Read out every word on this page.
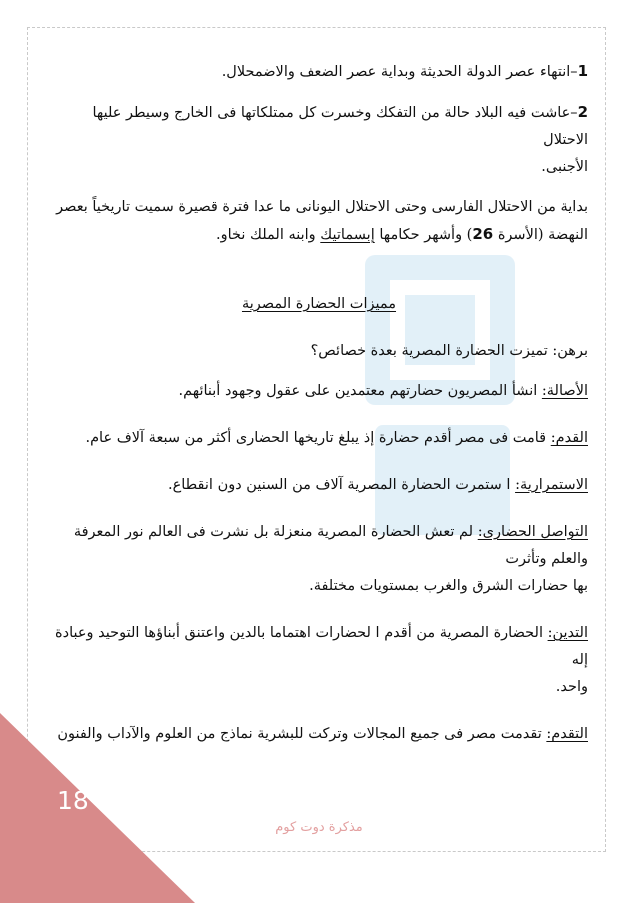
1–انتهاء عصر الدولة الحديثة وبداية عصر الضعف والاضمحلال.

2–عاشت فيه البلاد حالة من التفكك وخسرت كل ممتلكاتها فى الخارج وسيطر عليها الاحتلال

الأجنبى.

بداية من الاحتلال الفارسى وحتى الاحتلال اليونانى ما عدا فترة قصيرة سميت تاريخياً بعصر

النهضة (الأسرة 26) وأشهر حكامها إبسماتيك وابنه الملك نخاو.

مميزات الحضارة المصرية

برهن: تميزت الحضارة المصرية بعدة خصائص؟

الأصالة: انشأ المصريون حضارتهم معتمدين على عقول وجهود أبنائهم.

القدم: قامت فى مصر أقدم حضارة إذ يبلغ تاريخها الحضارى أكثر من سبعة آلاف عام.

الاستمرارية: ا ستمرت الحضارة المصرية آلاف من السنين دون انقطاع.

التواصل الحضارى: لم تعش الحضارة المصرية منعزلة بل نشرت فى العالم نور المعرفة والعلم وتأثرت

بها حضارات الشرق والغرب بمستويات مختلفة.

التدين: الحضارة المصرية من أقدم ا لحضارات اهتماما بالدين واعتنق أبناؤها التوحيد وعبادة إله

واحد.

التقدم: تقدمت مصر فى جميع المجالات وتركت للبشرية نماذج من العلوم والآداب والفنون

18
مذكرة دوت كوم
